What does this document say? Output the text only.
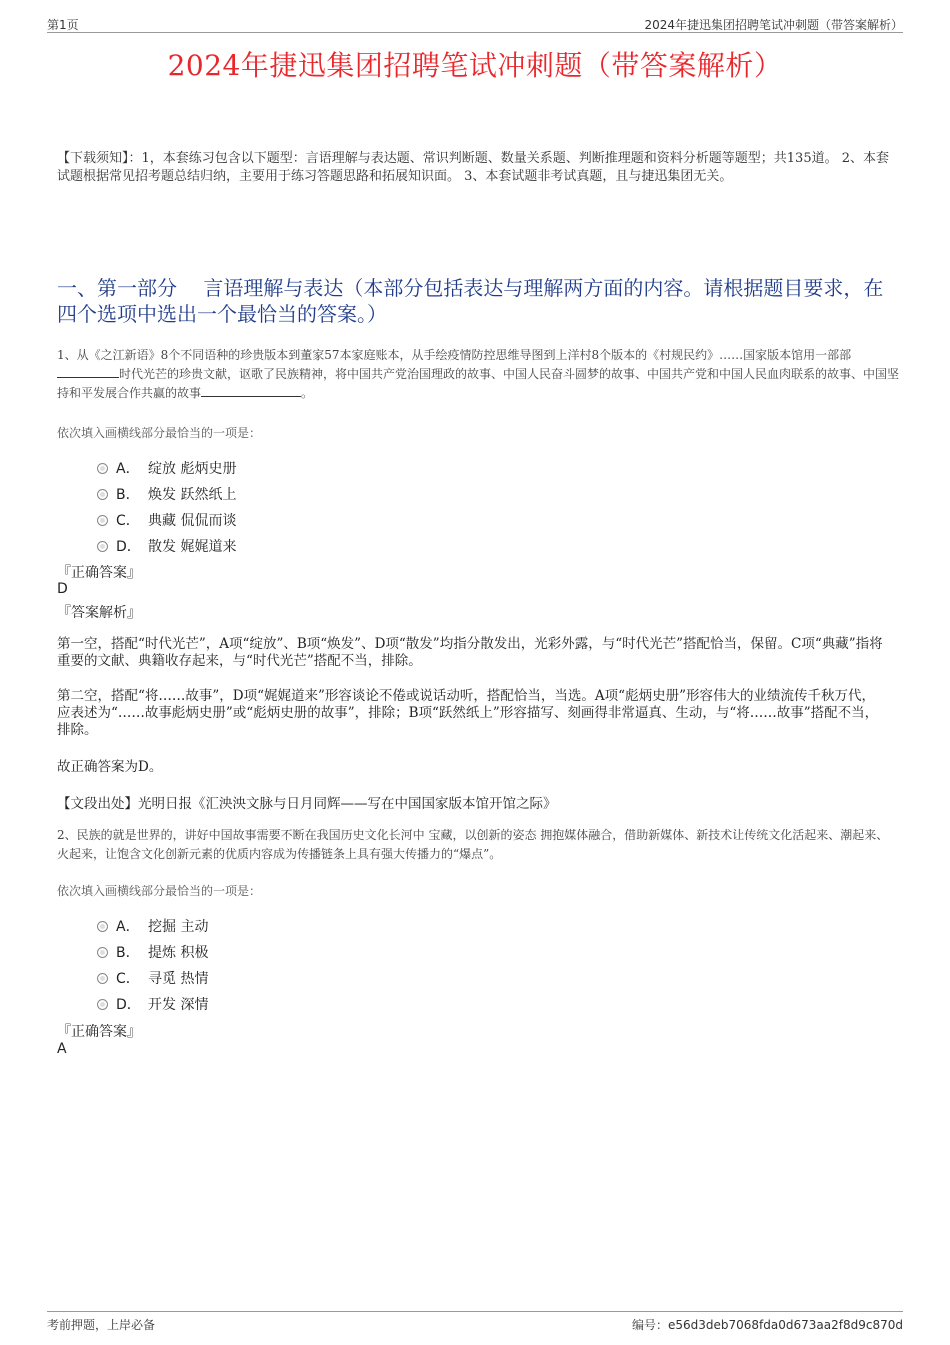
第1页	2024年捷迅集团招聘笔试冲刺题（带答案解析）
2024年捷迅集团招聘笔试冲刺题（带答案解析）
【下载须知】：1，本套练习包含以下题型：言语理解与表达题、常识判断题、数量关系题、判断推理题和资料分析题等题型；共135道。 2、本套试题根据常见招考题总结归纳，主要用于练习答题思路和拓展知识面。 3、本套试题非考试真题，且与捷迅集团无关。
一、第一部分　 言语理解与表达（本部分包括表达与理解两方面的内容。请根据题目要求，在四个选项中选出一个最恰当的答案。）
1、从《之江新语》8个不同语种的珍贵版本到董家57本家庭账本，从手绘疫情防控思维导图到上洋村8个版本的《村规民约》……国家版本馆用一部部时代光芒的珍贵文献，讴歌了民族精神，将中国共产党治国理政的故事、中国人民奋斗圆梦的故事、中国共产党和中国人民血肉联系的故事、中国坚持和平发展合作共赢的故事	。
依次填入画横线部分最恰当的一项是：
A． 绽放 彪炳史册
B． 焕发 跃然纸上
C． 典藏 侃侃而谈
D． 散发 娓娓道来
『正确答案』
D
『答案解析』
第一空，搭配“时代光芒”，A项“绽放”、B项“焕发”、D项“散发”均指分散发出，光彩外露，与“时代光芒”搭配恰当，保留。C项“典藏”指将重要的文献、典籍收存起来，与“时代光芒”搭配不当，排除。
第二空，搭配“将……故事”，D项“娓娓道来”形容谈论不倦或说话动听，搭配恰当，当选。A项“彪炳史册”形容伟大的业绩流传千秋万代，应表述为“……故事彪炳史册”或“彪炳史册的故事”，排除；B项“跃然纸上”形容描写、刻画得非常逼真、生动，与“将……故事”搭配不当，排除。
故正确答案为D。
【文段出处】光明日报《汇泱泱文脉与日月同辉——写在中国国家版本馆开馆之际》
2、民族的就是世界的，讲好中国故事需要不断在我国历史文化长河中 宝藏，以创新的姿态 拥抱媒体融合，借助新媒体、新技术让传统文化活起来、潮起来、火起来，让饱含文化创新元素的优质内容成为传播链条上具有强大传播力的“爆点”。
依次填入画横线部分最恰当的一项是：
A． 挖掘 主动
B． 提炼 积极
C． 寻觅 热情
D． 开发 深情
『正确答案』
A
考前押题，上岸必备	编号：e56d3deb7068fda0d673aa2f8d9c870d
